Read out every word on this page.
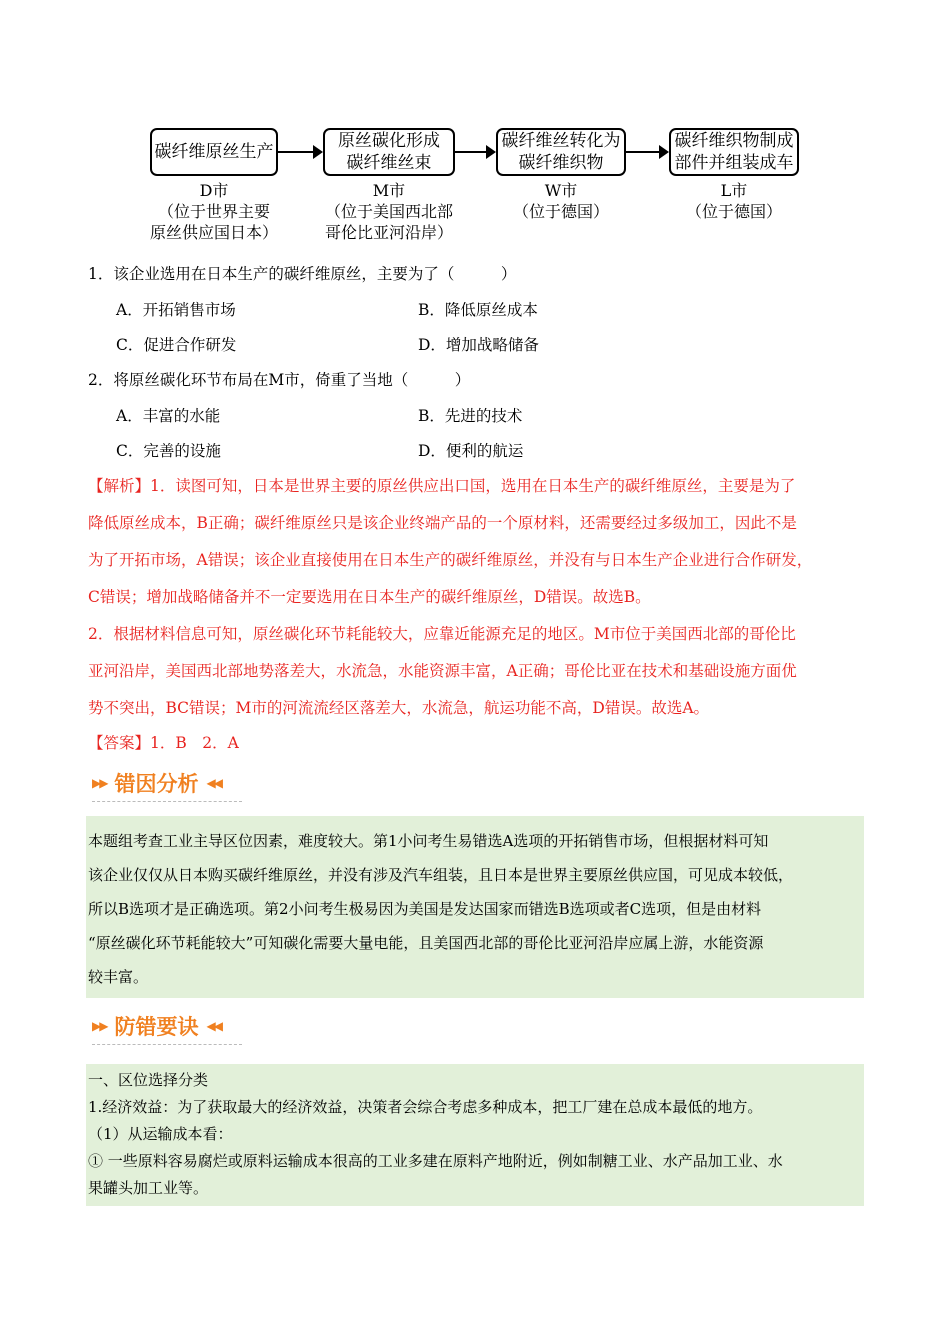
碳纤维原丝生产
原丝碳化形成
碳纤维丝束
碳纤维丝转化为
碳纤维织物
碳纤维织物制成
部件并组装成车
D市
（位于世界主要
原丝供应国日本）
M市
（位于美国西北部
哥伦比亚河沿岸）
W市
（位于德国）
L市
（位于德国）
1．该企业选用在日本生产的碳纤维原丝，主要为了（　　　）
A．开拓销售市场	B．降低原丝成本
C．促进合作研发	D．增加战略储备
2．将原丝碳化环节布局在M市，倚重了当地（　　　）
A．丰富的水能	B．先进的技术
C．完善的设施	D．便利的航运
【解析】1．读图可知，日本是世界主要的原丝供应出口国，选用在日本生产的碳纤维原丝，主要是为了
降低原丝成本，B正确；碳纤维原丝只是该企业终端产品的一个原材料，还需要经过多级加工，因此不是
为了开拓市场，A错误；该企业直接使用在日本生产的碳纤维原丝，并没有与日本生产企业进行合作研发，
C错误；增加战略储备并不一定要选用在日本生产的碳纤维原丝，D错误。故选B。
2．根据材料信息可知，原丝碳化环节耗能较大，应靠近能源充足的地区。M市位于美国西北部的哥伦比
亚河沿岸，美国西北部地势落差大，水流急，水能资源丰富，A正确；哥伦比亚在技术和基础设施方面优
势不突出，BC错误；M市的河流流经区落差大，水流急，航运功能不高，D错误。故选A。
【答案】1．B　2．A
▶▶ 错因分析 ◀◀
本题组考查工业主导区位因素，难度较大。第1小问考生易错选A选项的开拓销售市场，但根据材料可知
该企业仅仅从日本购买碳纤维原丝，并没有涉及汽车组装，且日本是世界主要原丝供应国，可见成本较低，
所以B选项才是正确选项。第2小问考生极易因为美国是发达国家而错选B选项或者C选项，但是由材料
“原丝碳化环节耗能较大”可知碳化需要大量电能，且美国西北部的哥伦比亚河沿岸应属上游，水能资源
较丰富。
▶▶ 防错要诀 ◀◀
一、区位选择分类
1.经济效益：为了获取最大的经济效益，决策者会综合考虑多种成本，把工厂建在总成本最低的地方。
（1）从运输成本看：
① 一些原料容易腐烂或原料运输成本很高的工业多建在原料产地附近，例如制糖工业、水产品加工业、水
果罐头加工业等。
